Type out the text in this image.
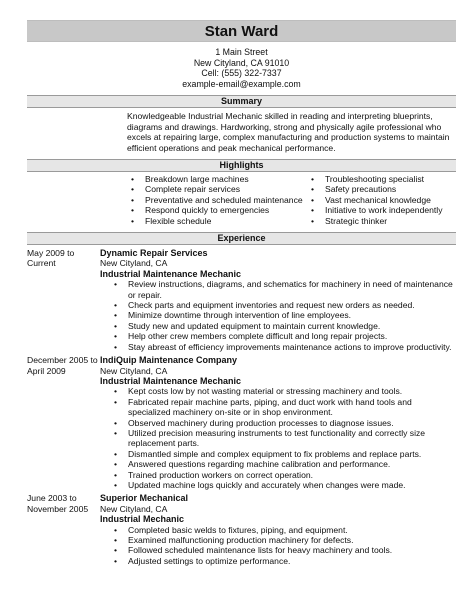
Stan Ward
1 Main Street
New Cityland, CA 91010
Cell: (555) 322-7337
example-email@example.com
Summary
Knowledgeable Industrial Mechanic skilled in reading and interpreting blueprints, diagrams and drawings. Hardworking, strong and physically agile professional who excels at repairing large, complex manufacturing and production systems to maintain efficient operations and peak mechanical performance.
Highlights
• Breakdown large machines
• Complete repair services
• Preventative and scheduled maintenance
• Respond quickly to emergencies
• Flexible schedule
• Troubleshooting specialist
• Safety precautions
• Vast mechanical knowledge
• Initiative to work independently
• Strategic thinker
Experience
May 2009 to Current
Dynamic Repair Services
New Cityland, CA
Industrial Maintenance Mechanic
• Review instructions, diagrams, and schematics for machinery in need of maintenance or repair.
• Check parts and equipment inventories and request new orders as needed.
• Minimize downtime through intervention of line employees.
• Study new and updated equipment to maintain current knowledge.
• Help other crew members complete difficult and long repair projects.
• Stay abreast of efficiency improvements maintenance actions to improve productivity.
December 2005 to April 2009
IndiQuip Maintenance Company
New Cityland, CA
Industrial Maintenance Mechanic
• Kept costs low by not wasting material or stressing machinery and tools.
• Fabricated repair machine parts, piping, and duct work with hand tools and specialized machinery on-site or in shop environment.
• Observed machinery during production processes to diagnose issues.
• Utilized precision measuring instruments to test functionality and correctly size replacement parts.
• Dismantled simple and complex equipment to fix problems and replace parts.
• Answered questions regarding machine calibration and performance.
• Trained production workers on correct operation.
• Updated machine logs quickly and accurately when changes were made.
June 2003 to November 2005
Superior Mechanical
New Cityland, CA
Industrial Mechanic
• Completed basic welds to fixtures, piping, and equipment.
• Examined malfunctioning production machinery for defects.
• Followed scheduled maintenance lists for heavy machinery and tools.
• Adjusted settings to optimize performance.
